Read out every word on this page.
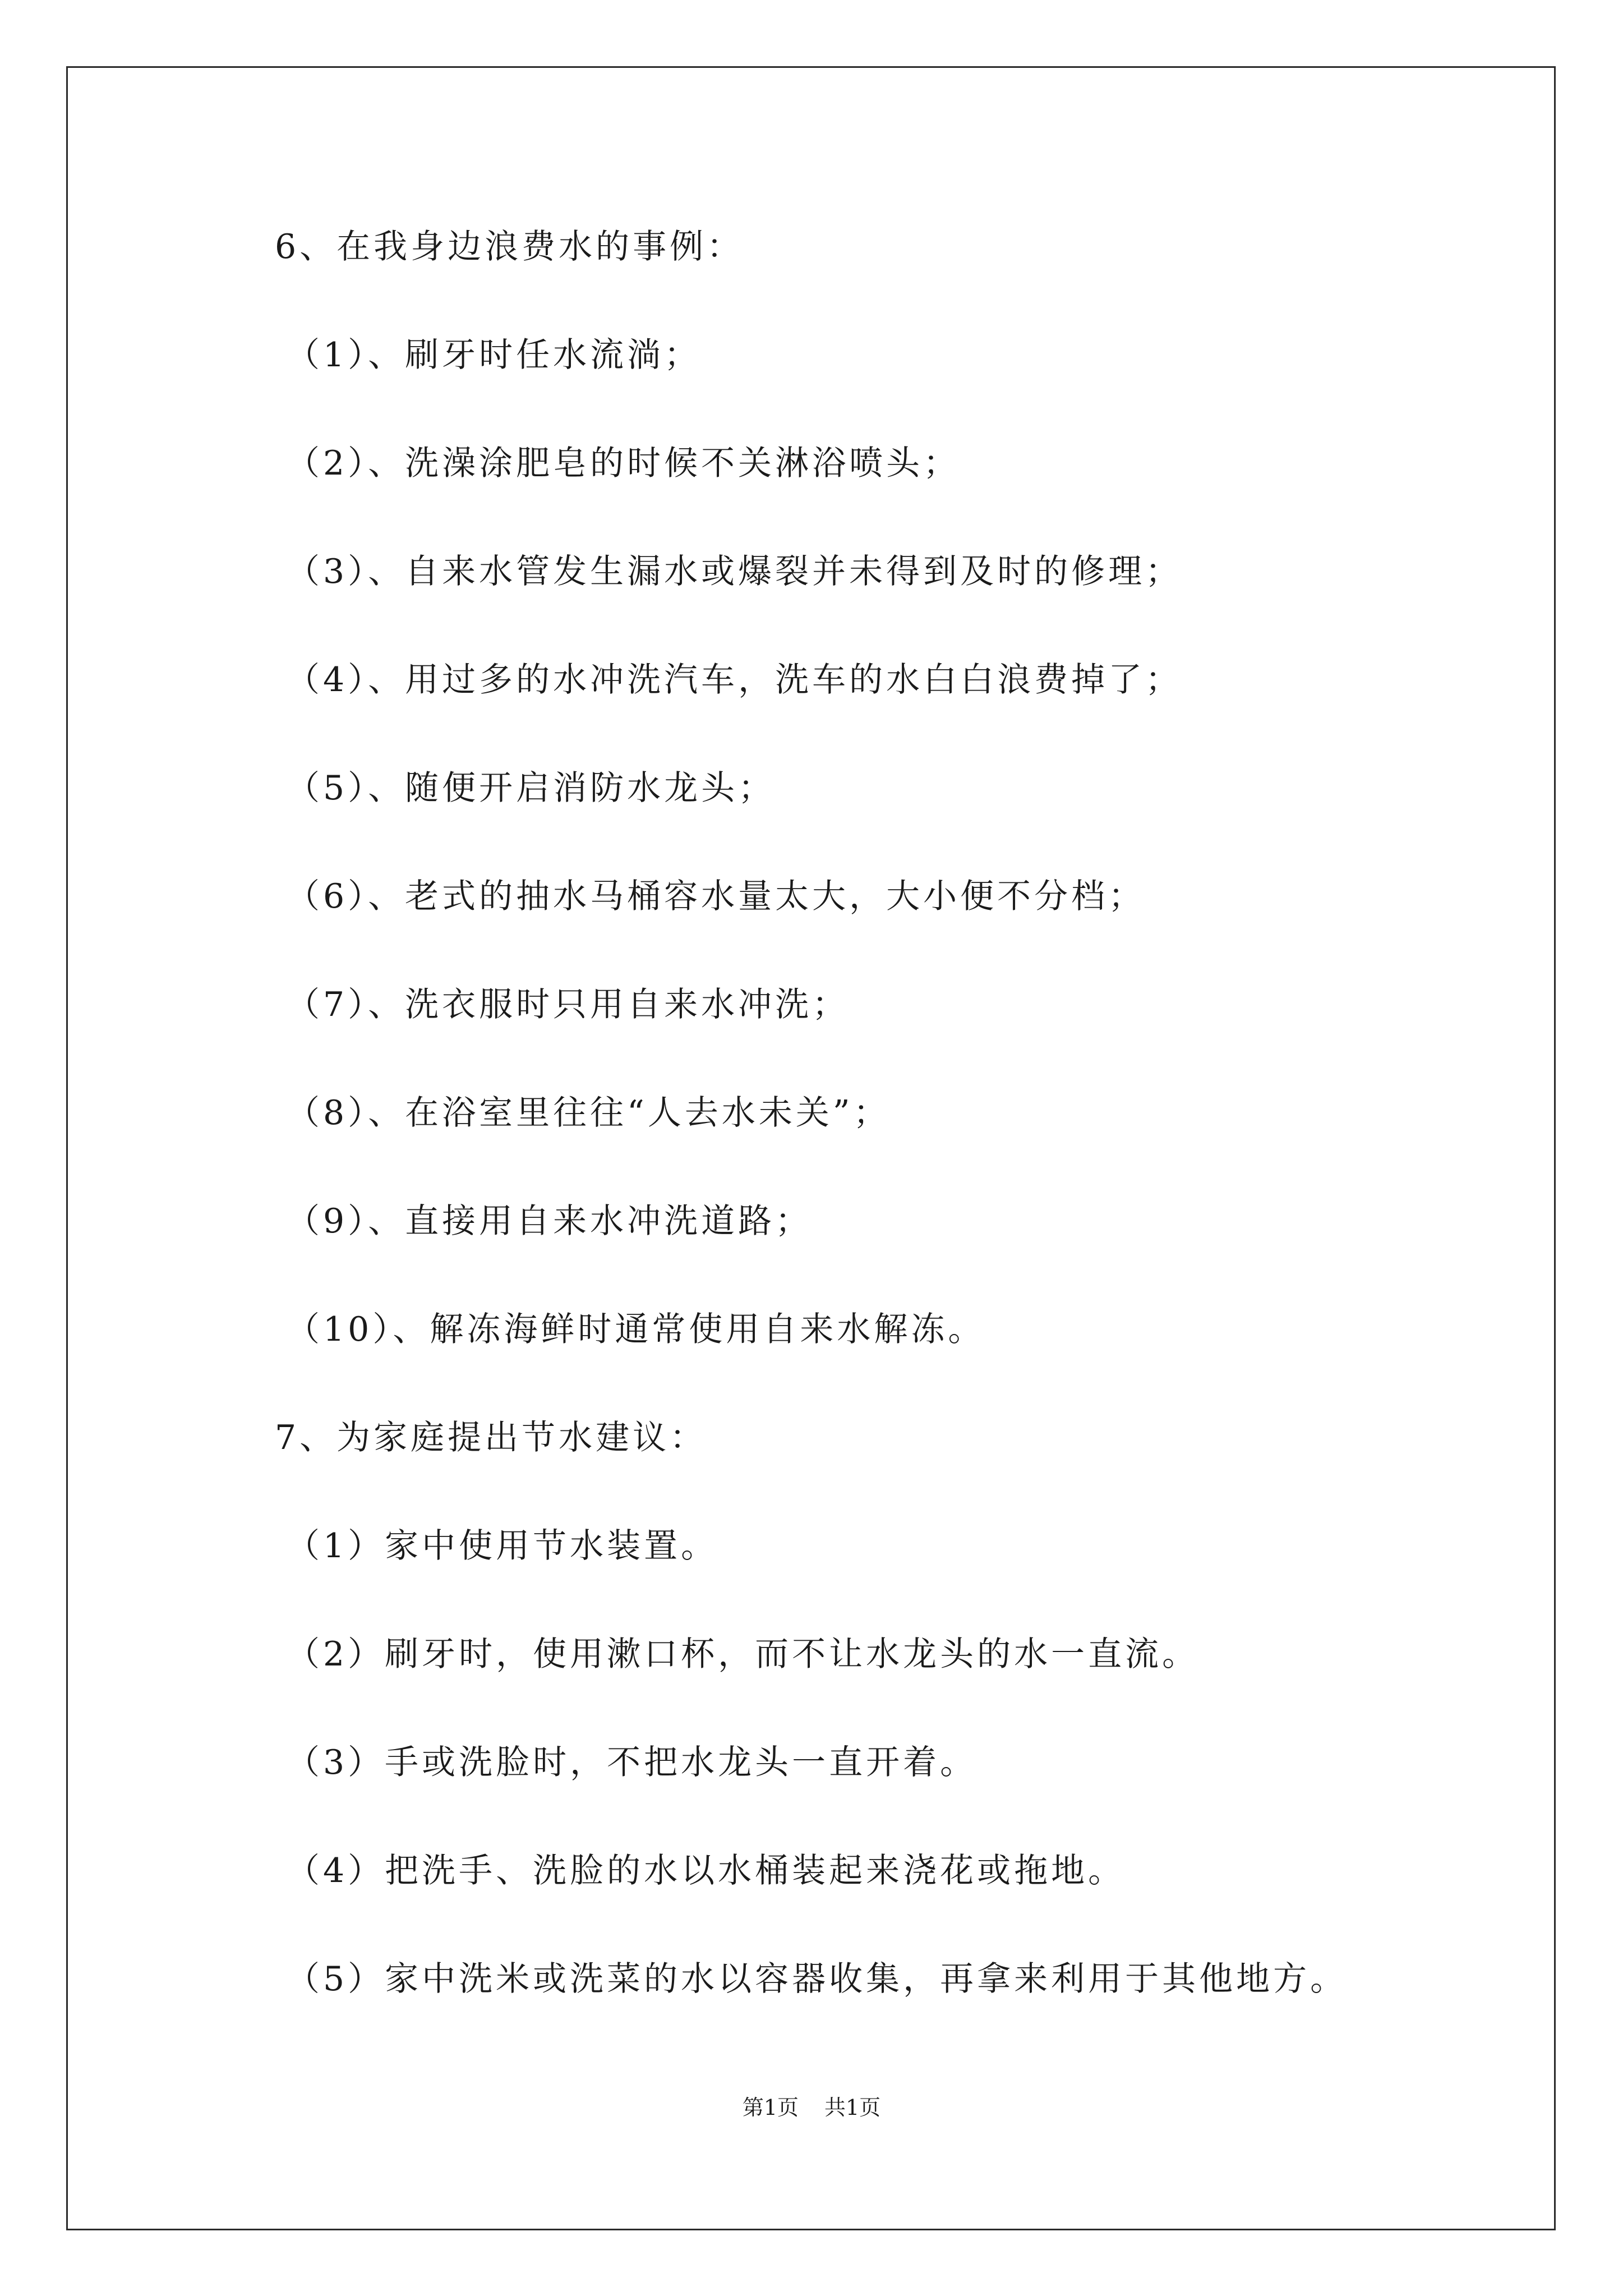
6、在我身边浪费水的事例：
（1）、刷牙时任水流淌；
（2）、洗澡涂肥皂的时候不关淋浴喷头；
（3）、自来水管发生漏水或爆裂并未得到及时的修理；
（4）、用过多的水冲洗汽车，洗车的水白白浪费掉了；
（5）、随便开启消防水龙头；
（6）、老式的抽水马桶容水量太大，大小便不分档；
（7）、洗衣服时只用自来水冲洗；
（8）、在浴室里往往“人去水未关”；
（9）、直接用自来水冲洗道路；
（10）、解冻海鲜时通常使用自来水解冻。
7、为家庭提出节水建议：
（1）家中使用节水装置。
（2）刷牙时，使用漱口杯，而不让水龙头的水一直流。
（3）手或洗脸时，不把水龙头一直开着。
（4）把洗手、洗脸的水以水桶装起来浇花或拖地。
（5）家中洗米或洗菜的水以容器收集，再拿来利用于其他地方。
第1页 共1页
